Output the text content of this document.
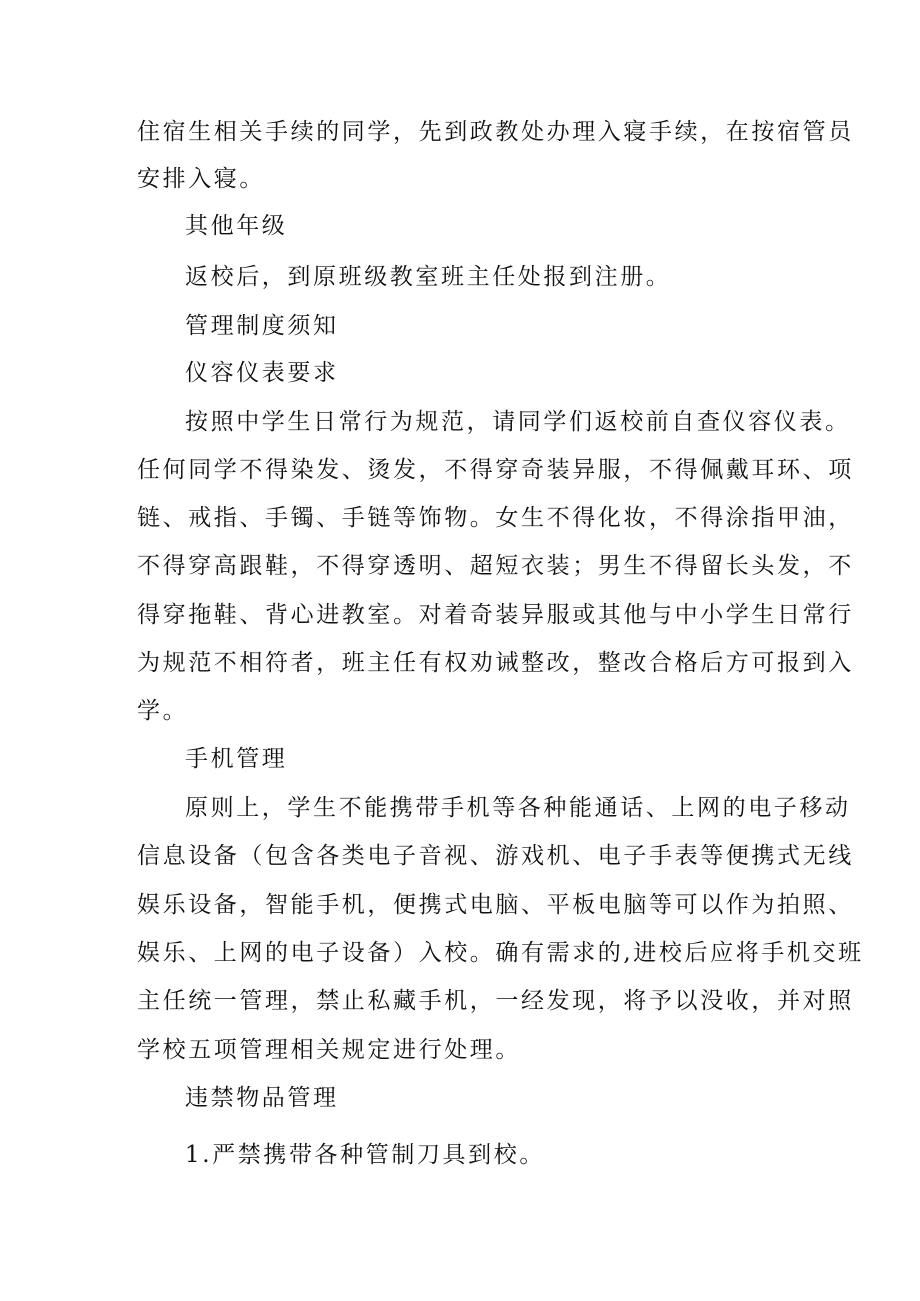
住宿生相关手续的同学，先到政教处办理入寝手续，在按宿管员
安排入寝。
其他年级
返校后，到原班级教室班主任处报到注册。
管理制度须知
仪容仪表要求
按照中学生日常行为规范，请同学们返校前自查仪容仪表。
任何同学不得染发、烫发，不得穿奇装异服，不得佩戴耳环、项
链、戒指、手镯、手链等饰物。女生不得化妆，不得涂指甲油，
不得穿高跟鞋，不得穿透明、超短衣装；男生不得留长头发，不
得穿拖鞋、背心进教室。对着奇装异服或其他与中小学生日常行
为规范不相符者，班主任有权劝诫整改，整改合格后方可报到入
学。
手机管理
原则上，学生不能携带手机等各种能通话、上网的电子移动
信息设备（包含各类电子音视、游戏机、电子手表等便携式无线
娱乐设备，智能手机，便携式电脑、平板电脑等可以作为拍照、
娱乐、上网的电子设备）入校。确有需求的,进校后应将手机交班
主任统一管理，禁止私藏手机，一经发现，将予以没收，并对照
学校五项管理相关规定进行处理。
违禁物品管理
1.严禁携带各种管制刀具到校。
